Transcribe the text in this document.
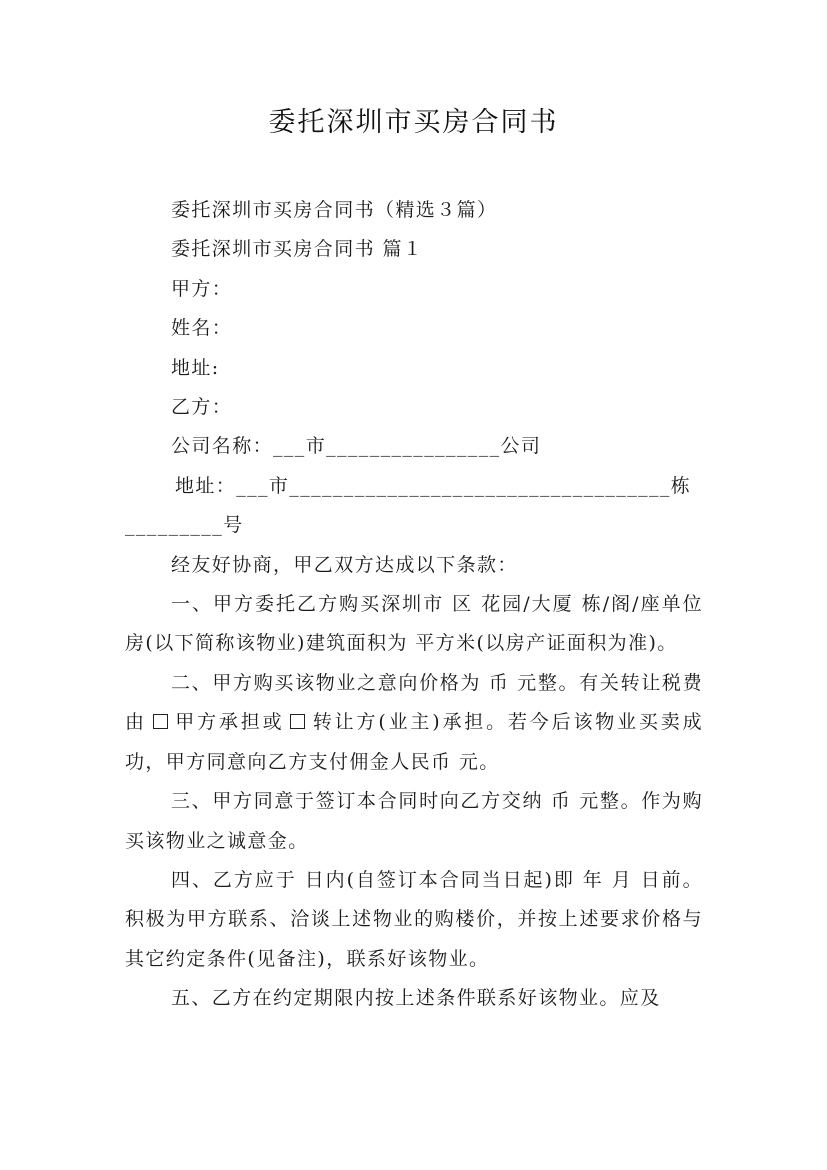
委托深圳市买房合同书

委托深圳市买房合同书（精选３篇）

委托深圳市买房合同书 篇１

甲方：

姓名：

地址:

乙方：

公司名称：___市________________公司

地址：___市___________________________________栋

_________号

经友好协商，甲乙双方达成以下条款：

一、甲方委托乙方购买深圳市 区 花园/大厦 栋/阁/座单位房(以下简称该物业)建筑面积为 平方米(以房产证面积为准)。

二、甲方购买该物业之意向价格为 币 元整。有关转让税费由 甲方承担或 转让方(业主)承担。若今后该物业买卖成功，甲方同意向乙方支付佣金人民币 元。

三、甲方同意于签订本合同时向乙方交纳 币 元整。作为购买该物业之诚意金。

四、乙方应于 日内(自签订本合同当日起)即 年 月 日前。积极为甲方联系、洽谈上述物业的购楼价，并按上述要求价格与其它约定条件(见备注)，联系好该物业。

五、乙方在约定期限内按上述条件联系好该物业。应及
